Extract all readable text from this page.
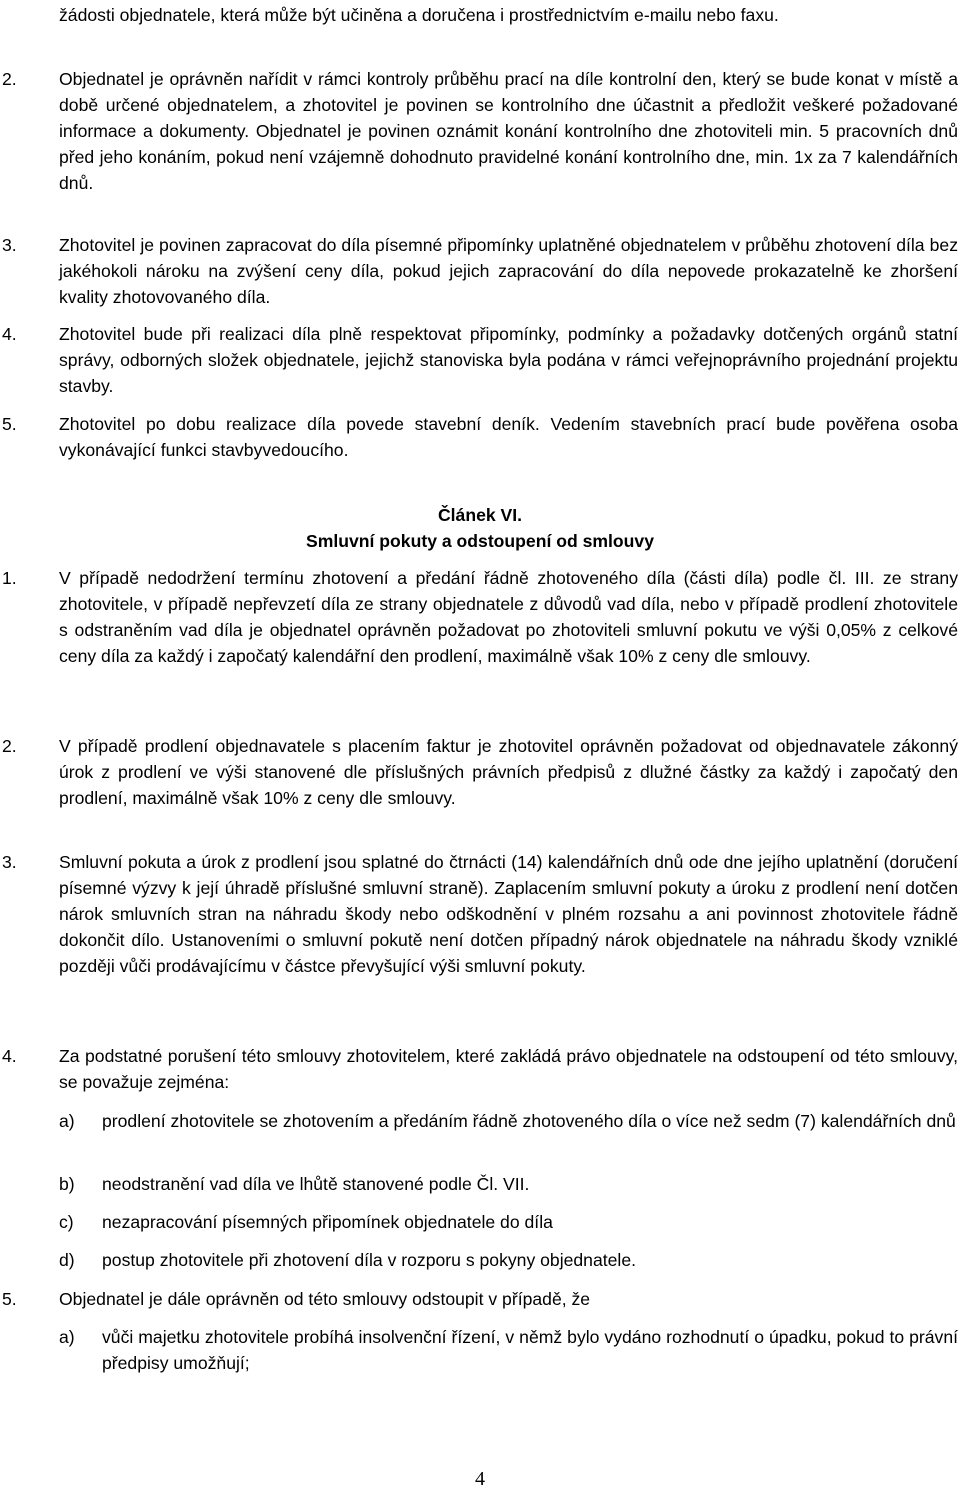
žádosti objednatele, která může být učiněna a doručena i prostřednictvím e-mailu nebo faxu.

2. Objednatel je oprávněn nařídit v rámci kontroly průběhu prací na díle kontrolní den, který se bude konat v místě a době určené objednatelem, a zhotovitel je povinen se kontrolního dne účastnit a předložit veškeré požadované informace a dokumenty. Objednatel je povinen oznámit konání kontrolního dne zhotoviteli min. 5 pracovních dnů před jeho konáním, pokud není vzájemně dohodnuto pravidelné konání kontrolního dne, min. 1x za 7 kalendářních dnů.

3. Zhotovitel je povinen zapracovat do díla písemné připomínky uplatněné objednatelem v průběhu zhotovení díla bez jakéhokoli nároku na zvýšení ceny díla, pokud jejich zapracování do díla nepovede prokazatelně ke zhoršení kvality zhotovovaného díla.

4. Zhotovitel bude při realizaci díla plně respektovat připomínky, podmínky a požadavky dotčených orgánů statní správy, odborných složek objednatele, jejichž stanoviska byla podána v rámci veřejnoprávního projednání projektu stavby.

5. Zhotovitel po dobu realizace díla povede stavební deník. Vedením stavebních prací bude pověřena osoba vykonávající funkci stavbyvedoucího.

Článek VI.
Smluvní pokuty a odstoupení od smlouvy
1. V případě nedodržení termínu zhotovení a předání řádně zhotoveného díla (části díla) podle čl. III. ze strany zhotovitele, v případě nepřevzetí díla ze strany objednatele z důvodů vad díla, nebo v případě prodlení zhotovitele s odstraněním vad díla je objednatel oprávněn požadovat po zhotoviteli smluvní pokutu ve výši 0,05% z celkové ceny díla za každý i započatý kalendářní den prodlení, maximálně však 10% z ceny dle smlouvy.

2. V případě prodlení objednavatele s placením faktur je zhotovitel oprávněn požadovat od objednavatele zákonný úrok z prodlení ve výši stanovené dle příslušných právních předpisů z dlužné částky za každý i započatý den prodlení, maximálně však 10% z ceny dle smlouvy.

3. Smluvní pokuta a úrok z prodlení jsou splatné do čtrnácti (14) kalendářních dnů ode dne jejího uplatnění (doručení písemné výzvy k její úhradě příslušné smluvní straně). Zaplacením smluvní pokuty a úroku z prodlení není dotčen nárok smluvních stran na náhradu škody nebo odškodnění v plném rozsahu a ani povinnost zhotovitele řádně dokončit dílo. Ustanoveními o smluvní pokutě není dotčen případný nárok objednatele na náhradu škody vzniklé později vůči prodávajícímu v částce převyšující výši smluvní pokuty.

4. Za podstatné porušení této smlouvy zhotovitelem, které zakládá právo objednatele na odstoupení od této smlouvy, se považuje zejména:

a) prodlení zhotovitele se zhotovením a předáním řádně zhotoveného díla o více než sedm (7) kalendářních dnů

b) neodstranění vad díla ve lhůtě stanovené podle Čl. VII.

c) nezapracování písemných připomínek objednatele do díla

d) postup zhotovitele při zhotovení díla v rozporu s pokyny objednatele.

5. Objednatel je dále oprávněn od této smlouvy odstoupit v případě, že

a) vůči majetku zhotovitele probíhá insolvenční řízení, v němž bylo vydáno rozhodnutí o úpadku, pokud to právní předpisy umožňují;

4
